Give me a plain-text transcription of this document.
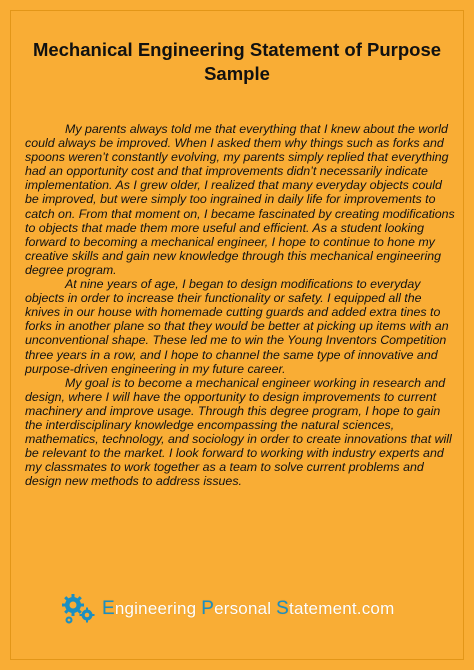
Mechanical Engineering Statement of Purpose Sample

My parents always told me that everything that I knew about the world could always be improved. When I asked them why things such as forks and spoons weren’t constantly evolving, my parents simply replied that everything had an opportunity cost and that improvements didn’t necessarily indicate implementation. As I grew older, I realized that many everyday objects could be improved, but were simply too ingrained in daily life for improvements to catch on. From that moment on, I became fascinated by creating modifications to objects that made them more useful and efficient. As a student looking forward to becoming a mechanical engineer, I hope to continue to hone my creative skills and gain new knowledge through this mechanical engineering degree program.

At nine years of age, I began to design modifications to everyday objects in order to increase their functionality or safety. I equipped all the knives in our house with homemade cutting guards and added extra tines to forks in another plane so that they would be better at picking up items with an unconventional shape. These led me to win the Young Inventors Competition three years in a row, and I hope to channel the same type of innovative and purpose-driven engineering in my future career.

My goal is to become a mechanical engineer working in research and design, where I will have the opportunity to design improvements to current machinery and improve usage. Through this degree program, I hope to gain the interdisciplinary knowledge encompassing the natural sciences, mathematics, technology, and sociology in order to create innovations that will be relevant to the market. I look forward to working with industry experts and my classmates to work together as a team to solve current problems and design new methods to address issues.

Engineering Personal Statement.com
